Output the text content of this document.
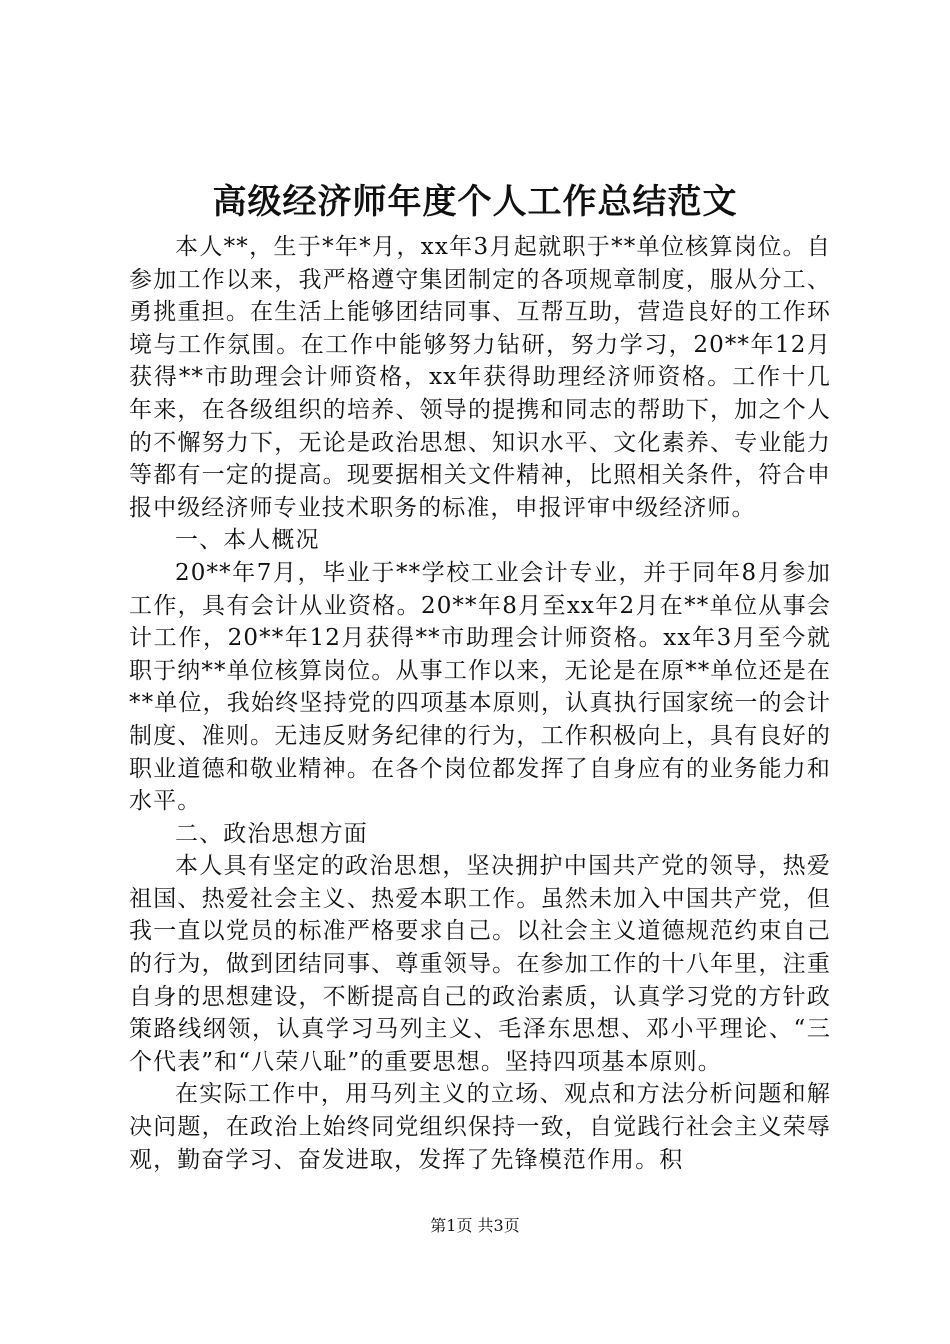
高级经济师年度个人工作总结范文

本人**，生于*年*月，xx年3月起就职于**单位核算岗位。自参加工作以来，我严格遵守集团制定的各项规章制度，服从分工、勇挑重担。在生活上能够团结同事、互帮互助，营造良好的工作环境与工作氛围。在工作中能够努力钻研，努力学习，20**年12月获得**市助理会计师资格，xx年获得助理经济师资格。工作十几年来，在各级组织的培养、领导的提携和同志的帮助下，加之个人的不懈努力下，无论是政治思想、知识水平、文化素养、专业能力等都有一定的提高。现要据相关文件精神，比照相关条件，符合申报中级经济师专业技术职务的标准，申报评审中级经济师。

一、本人概况

20**年7月，毕业于**学校工业会计专业，并于同年8月参加工作，具有会计从业资格。20**年8月至xx年2月在**单位从事会计工作，20**年12月获得**市助理会计师资格。xx年3月至今就职于纳**单位核算岗位。从事工作以来，无论是在原**单位还是在**单位，我始终坚持党的四项基本原则，认真执行国家统一的会计制度、准则。无违反财务纪律的行为，工作积极向上，具有良好的职业道德和敬业精神。在各个岗位都发挥了自身应有的业务能力和水平。

二、政治思想方面

本人具有坚定的政治思想，坚决拥护中国共产党的领导，热爱祖国、热爱社会主义、热爱本职工作。虽然未加入中国共产党，但我一直以党员的标准严格要求自己。以社会主义道德规范约束自己的行为，做到团结同事、尊重领导。在参加工作的十八年里，注重自身的思想建设，不断提高自己的政治素质，认真学习党的方针政策路线纲领，认真学习马列主义、毛泽东思想、邓小平理论、“三个代表”和“八荣八耻”的重要思想。坚持四项基本原则。

在实际工作中，用马列主义的立场、观点和方法分析问题和解决问题，在政治上始终同党组织保持一致，自觉践行社会主义荣辱观，勤奋学习、奋发进取，发挥了先锋模范作用。积

第1页 共3页
